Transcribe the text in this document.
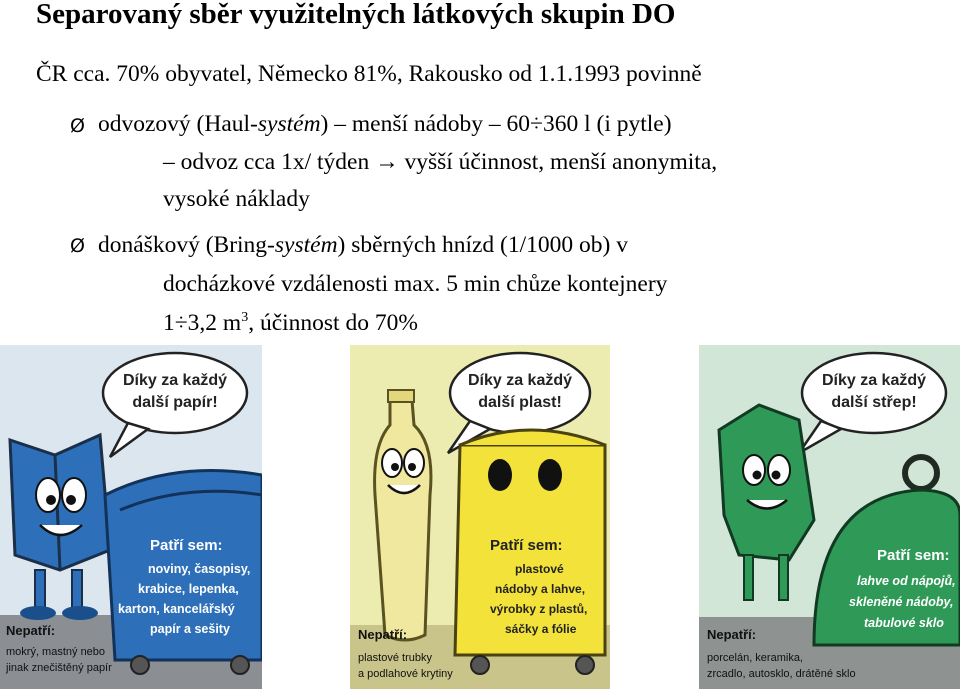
Separovaný sběr využitelných látkových skupin DO
ČR cca. 70% obyvatel, Německo 81%, Rakousko od 1.1.1993 povinně
Ø odvozový (Haul-systém) – menší nádoby – 60÷360 l (i pytle)
– odvoz cca 1x/ týden → vyšší účinnost, menší anonymita,
vysoké náklady
Ø donáškový (Bring-systém) sběrných hnízd (1/1000 ob) v
docházkové vzdálenosti max. 5 min chůze kontejnery
1÷3,2 $m^3$, účinnost do 70%
Díky za každý
další papír!
Patří sem:
noviny, časopisy,
krabice, lepenka,
karton, kancelářský
papír a sešity
Nepatří:
mokrý, mastný nebo
jinak znečištěný papír
Díky za každý
další plast!
Patří sem:
plastové
nádoby a lahve,
výrobky z plastů,
sáčky a fólie
Nepatří:
plastové trubky
a podlahové krytiny
Díky za každý
další střep!
Patří sem:
lahve od nápojů,
skleněné nádoby,
tabulové sklo
Nepatří:
porcelán, keramika,
zrcadlo, autosklo, drátěné sklo
